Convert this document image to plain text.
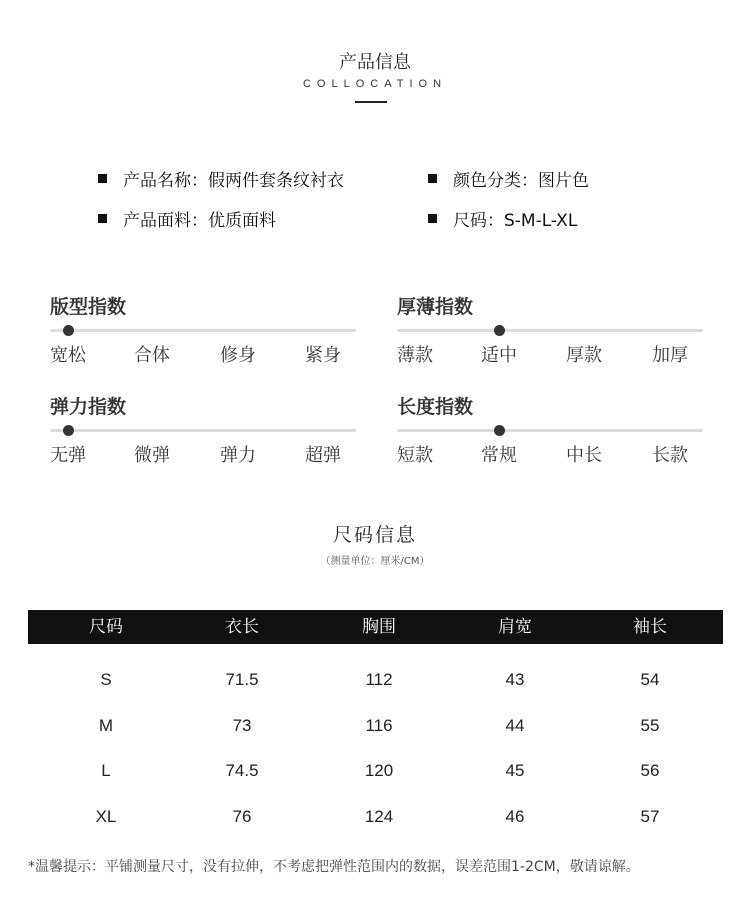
产品信息
COLLOCATION
产品名称：假两件套条纹衬衣	颜色分类：图片色
产品面料：优质面料	尺码：S-M-L-XL
版型指数
宽松	合体	修身	紧身
厚薄指数
薄款	适中	厚款	加厚
弹力指数
无弹	微弹	弹力	超弹
长度指数
短款	常规	中长	长款
尺码信息
（测量单位：厘米/CM）
尺码	衣长	胸围	肩宽	袖长
S	71.5	112	43	54
M	73	116	44	55
L	74.5	120	45	56
XL	76	124	46	57
*温馨提示：平铺测量尺寸，没有拉伸，不考虑把弹性范围内的数据，误差范围1-2CM，敬请谅解。
